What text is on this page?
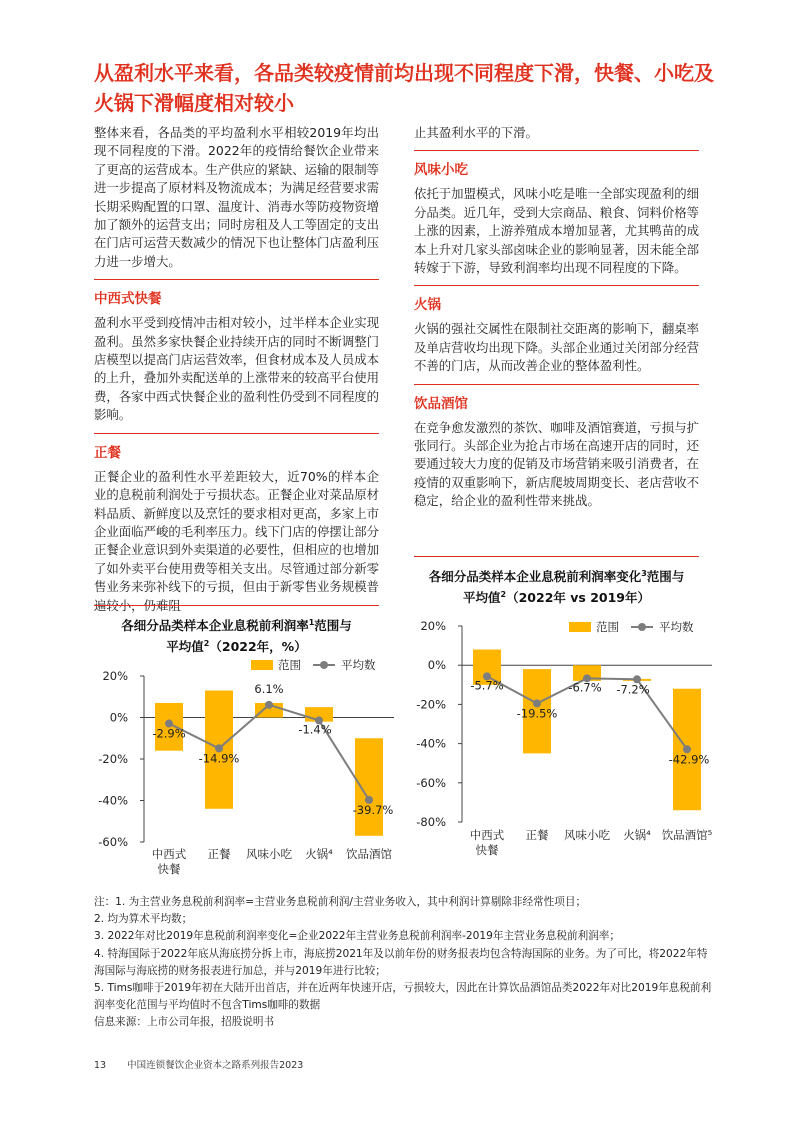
从盈利水平来看，各品类较疫情前均出现不同程度下滑，快餐、小吃及火锅下滑幅度相对较小

整体来看，各品类的平均盈利水平相较2019年均出现不同程度的下滑。2022年的疫情给餐饮企业带来了更高的运营成本。生产供应的紧缺、运输的限制等进一步提高了原材料及物流成本；为满足经营要求需长期采购配置的口罩、温度计、消毒水等防疫物资增加了额外的运营支出；同时房租及人工等固定的支出在门店可运营天数减少的情况下也让整体门店盈利压力进一步增大。

中西式快餐

盈利水平受到疫情冲击相对较小，过半样本企业实现盈利。虽然多家快餐企业持续开店的同时不断调整门店模型以提高门店运营效率，但食材成本及人员成本的上升，叠加外卖配送单的上涨带来的较高平台使用费，各家中西式快餐企业的盈利性仍受到不同程度的影响。

正餐

正餐企业的盈利性水平差距较大，近70%的样本企业的息税前利润处于亏损状态。正餐企业对菜品原材料品质、新鲜度以及烹饪的要求相对更高，多家上市企业面临严峻的毛利率压力。线下门店的停摆让部分正餐企业意识到外卖渠道的必要性，但相应的也增加了如外卖平台使用费等相关支出。尽管通过部分新零售业务来弥补线下的亏损，但由于新零售业务规模普遍较小，仍难阻

止其盈利水平的下滑。

风味小吃

依托于加盟模式，风味小吃是唯一全部实现盈利的细分品类。近几年，受到大宗商品、粮食、饲料价格等上涨的因素，上游养殖成本增加显著，尤其鸭苗的成本上升对几家头部卤味企业的影响显著，因未能全部转嫁于下游，导致利润率均出现不同程度的下降。

火锅

火锅的强社交属性在限制社交距离的影响下，翻桌率及单店营收均出现下降。头部企业通过关闭部分经营不善的门店，从而改善企业的整体盈利性。

饮品酒馆

在竞争愈发激烈的茶饮、咖啡及酒馆赛道，亏损与扩张同行。头部企业为抢占市场在高速开店的同时，还要通过较大力度的促销及市场营销来吸引消费者，在疫情的双重影响下，新店爬坡周期变长、老店营收不稳定，给企业的盈利性带来挑战。

各细分品类样本企业息税前利润率$^1$范围与
平均值$^2$（2022年，%）
范围	平均数
20%
0%
-20%
-40%
-60%
-2.9%
-14.9%
6.1%
-1.4%
-39.7%
中西式
快餐
正餐 风味小吃 火锅⁴ 饮品酒馆
各细分品类样本企业息税前利润率变化$^3$范围与
平均值$^2$（2022年 vs 2019年）
范围	平均数
20%
0%
-20%
-40%
-60%
-80%
-5.7%
-19.5%
-6.7% -7.2%
-42.9%
中西式
快餐
正餐 风味小吃 火锅⁴ 饮品酒馆⁵
注：1. 为主营业务息税前利润率=主营业务息税前利润/主营业务收入，其中利润计算剔除非经常性项目；
2. 均为算术平均数；
3. 2022年对比2019年息税前利润率变化=企业2022年主营业务息税前利润率-2019年主营业务息税前利润率；
4. 特海国际于2022年底从海底捞分拆上市，海底捞2021年及以前年份的财务报表均包含特海国际的业务。为了可比，将2022年特海国际与海底捞的财务报表进行加总，并与2019年进行比较；
5. Tims咖啡于2019年初在大陆开出首店，并在近两年快速开店，亏损较大，因此在计算饮品酒馆品类2022年对比2019年息税前利润率变化范围与平均值时不包含Tims咖啡的数据
信息来源：上市公司年报，招股说明书
13 中国连锁餐饮企业资本之路系列报告2023
